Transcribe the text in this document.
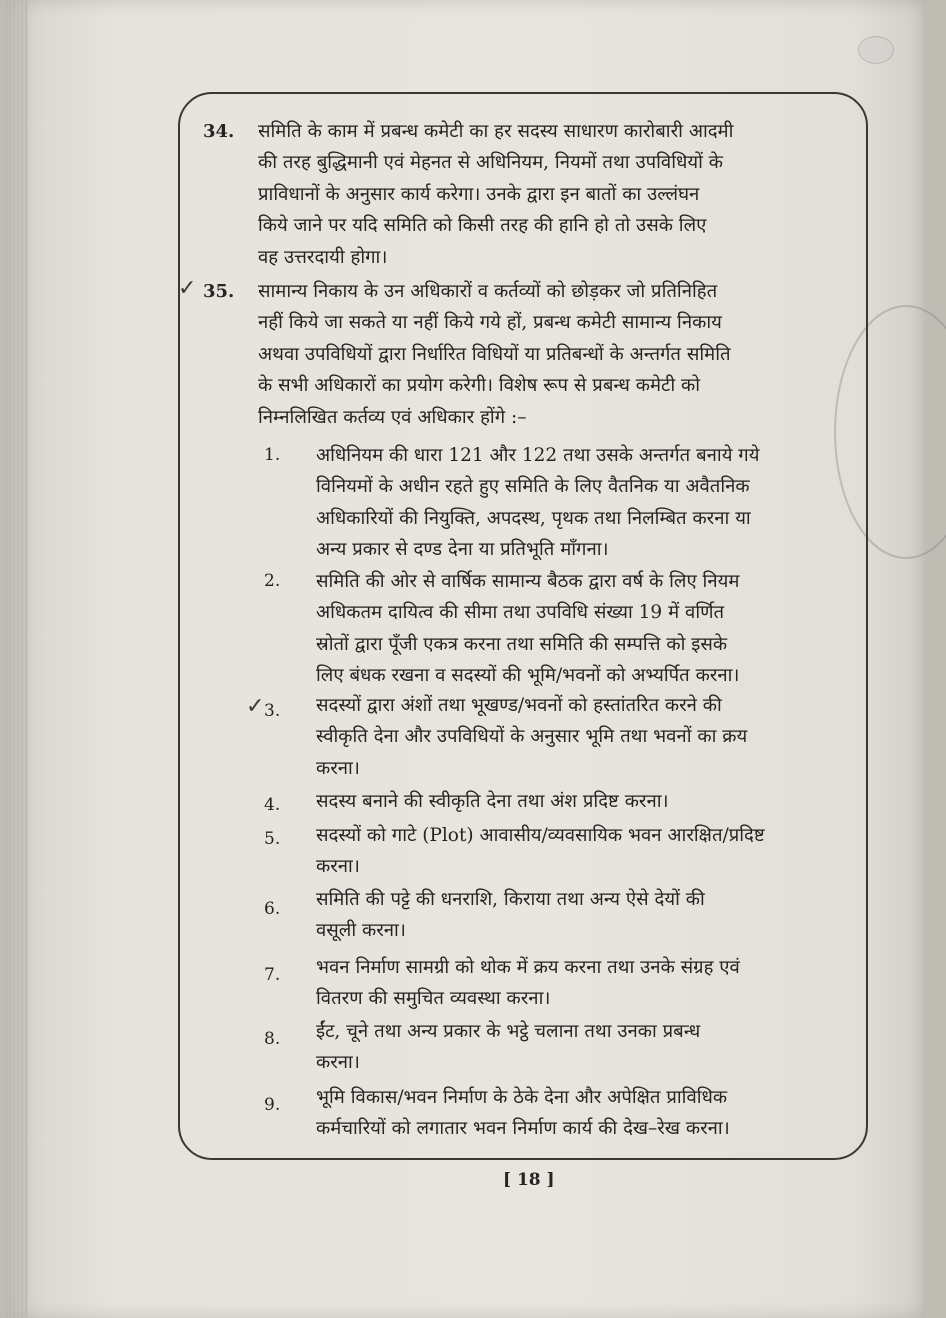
34. समिति के काम में प्रबन्ध कमेटी का हर सदस्य साधारण कारोबारी आदमी
की तरह बुद्धिमानी एवं मेहनत से अधिनियम, नियमों तथा उपविधियों के
प्राविधानों के अनुसार कार्य करेगा। उनके द्वारा इन बातों का उल्लंघन
किये जाने पर यदि समिति को किसी तरह की हानि हो तो उसके लिए
वह उत्तरदायी होगा।
✓ 35. सामान्य निकाय के उन अधिकारों व कर्तव्यों को छोड़कर जो प्रतिनिहित
नहीं किये जा सकते या नहीं किये गये हों, प्रबन्ध कमेटी सामान्य निकाय
अथवा उपविधियों द्वारा निर्धारित विधियों या प्रतिबन्धों के अन्तर्गत समिति
के सभी अधिकारों का प्रयोग करेगी। विशेष रूप से प्रबन्ध कमेटी को
निम्नलिखित कर्तव्य एवं अधिकार होंगे :–
1. अधिनियम की धारा 121 और 122 तथा उसके अन्तर्गत बनाये गये
विनियमों के अधीन रहते हुए समिति के लिए वैतनिक या अवैतनिक
अधिकारियों की नियुक्ति, अपदस्थ, पृथक तथा निलम्बित करना या
अन्य प्रकार से दण्ड देना या प्रतिभूति माँगना।
2. समिति की ओर से वार्षिक सामान्य बैठक द्वारा वर्ष के लिए नियम
अधिकतम दायित्व की सीमा तथा उपविधि संख्या 19 में वर्णित
स्रोतों द्वारा पूँजी एकत्र करना तथा समिति की सम्पत्ति को इसके
लिए बंधक रखना व सदस्यों की भूमि/भवनों को अभ्यर्पित करना।
✓ 3. सदस्यों द्वारा अंशों तथा भूखण्ड/भवनों को हस्तांतरित करने की
स्वीकृति देना और उपविधियों के अनुसार भूमि तथा भवनों का क्रय
करना।
4. सदस्य बनाने की स्वीकृति देना तथा अंश प्रदिष्ट करना।
5. सदस्यों को गाटे (Plot) आवासीय/व्यवसायिक भवन आरक्षित/प्रदिष्ट
करना।
6. समिति की पट्टे की धनराशि, किराया तथा अन्य ऐसे देयों की
वसूली करना।
7. भवन निर्माण सामग्री को थोक में क्रय करना तथा उनके संग्रह एवं
वितरण की समुचित व्यवस्था करना।
8. ईंट, चूने तथा अन्य प्रकार के भट्ठे चलाना तथा उनका प्रबन्ध
करना।
9. भूमि विकास/भवन निर्माण के ठेके देना और अपेक्षित प्राविधिक
कर्मचारियों को लगातार भवन निर्माण कार्य की देख–रेख करना।
[ 18 ]
